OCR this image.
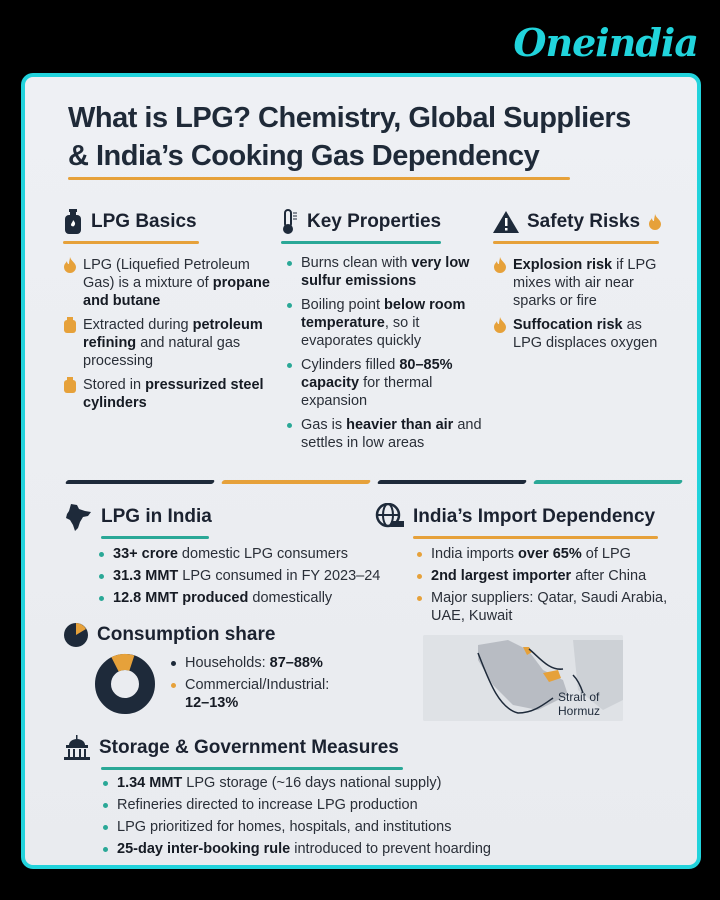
Oneindia
What is LPG? Chemistry, Global Suppliers
& India’s Cooking Gas Dependency
LPG Basics
LPG (Liquefied Petroleum Gas) is a mixture of propane and butane
Extracted during petroleum refining and natural gas processing
Stored in pressurized steel cylinders
Key Properties
Burns clean with very low sulfur emissions
Boiling point below room temperature, so it evaporates quickly
Cylinders filled 80–85% capacity for thermal expansion
Gas is heavier than air and settles in low areas
Safety Risks
Explosion risk if LPG mixes with air near sparks or fire
Suffocation risk as LPG displaces oxygen
LPG in India
33+ crore domestic LPG consumers
31.3 MMT LPG consumed in FY 2023–24
12.8 MMT produced domestically
India’s Import Dependency
India imports over 65% of LPG
2nd largest importer after China
Major suppliers: Qatar, Saudi Arabia, UAE, Kuwait
Strait of
Hormuz
Consumption share
Households: 87–88%
Commercial/Industrial:
12–13%
Storage & Government Measures
1.34 MMT LPG storage (~16 days national supply)
Refineries directed to increase LPG production
LPG prioritized for homes, hospitals, and institutions
25-day inter-booking rule introduced to prevent hoarding
